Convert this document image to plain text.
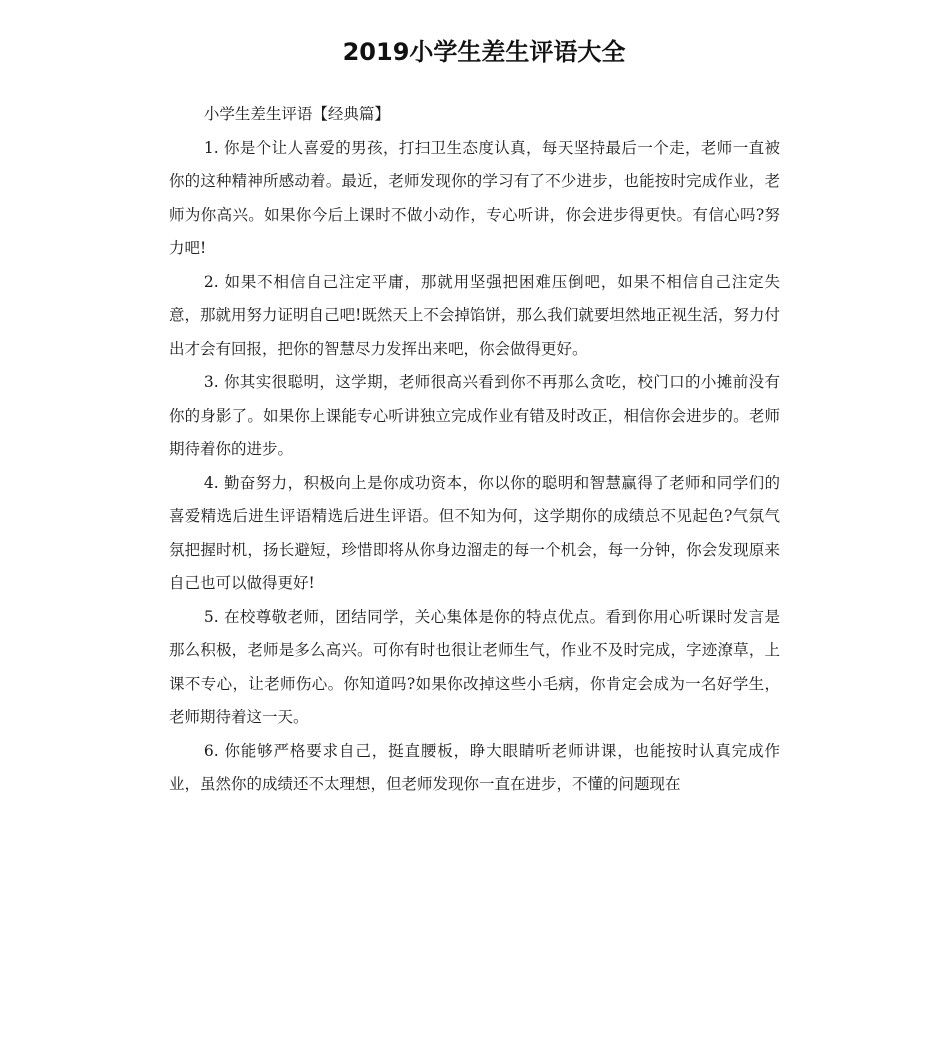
2019小学生差生评语大全

小学生差生评语【经典篇】

1. 你是个让人喜爱的男孩，打扫卫生态度认真，每天坚持最后一个走，老师一直被你的这种精神所感动着。最近，老师发现你的学习有了不少进步，也能按时完成作业，老师为你高兴。如果你今后上课时不做小动作，专心听讲，你会进步得更快。有信心吗?努力吧!

2. 如果不相信自己注定平庸，那就用坚强把困难压倒吧，如果不相信自己注定失意，那就用努力证明自己吧!既然天上不会掉馅饼，那么我们就要坦然地正视生活，努力付出才会有回报，把你的智慧尽力发挥出来吧，你会做得更好。

3. 你其实很聪明，这学期，老师很高兴看到你不再那么贪吃，校门口的小摊前没有你的身影了。如果你上课能专心听讲独立完成作业有错及时改正，相信你会进步的。老师期待着你的进步。

4. 勤奋努力，积极向上是你成功资本，你以你的聪明和智慧赢得了老师和同学们的喜爱精选后进生评语精选后进生评语。但不知为何，这学期你的成绩总不见起色?气氛气氛把握时机，扬长避短，珍惜即将从你身边溜走的每一个机会，每一分钟，你会发现原来自己也可以做得更好!

5. 在校尊敬老师，团结同学，关心集体是你的特点优点。看到你用心听课时发言是那么积极，老师是多么高兴。可你有时也很让老师生气，作业不及时完成，字迹潦草，上课不专心，让老师伤心。你知道吗?如果你改掉这些小毛病，你肯定会成为一名好学生，老师期待着这一天。

6. 你能够严格要求自己，挺直腰板，睁大眼睛听老师讲课，也能按时认真完成作业，虽然你的成绩还不太理想，但老师发现你一直在进步，不懂的问题现在
